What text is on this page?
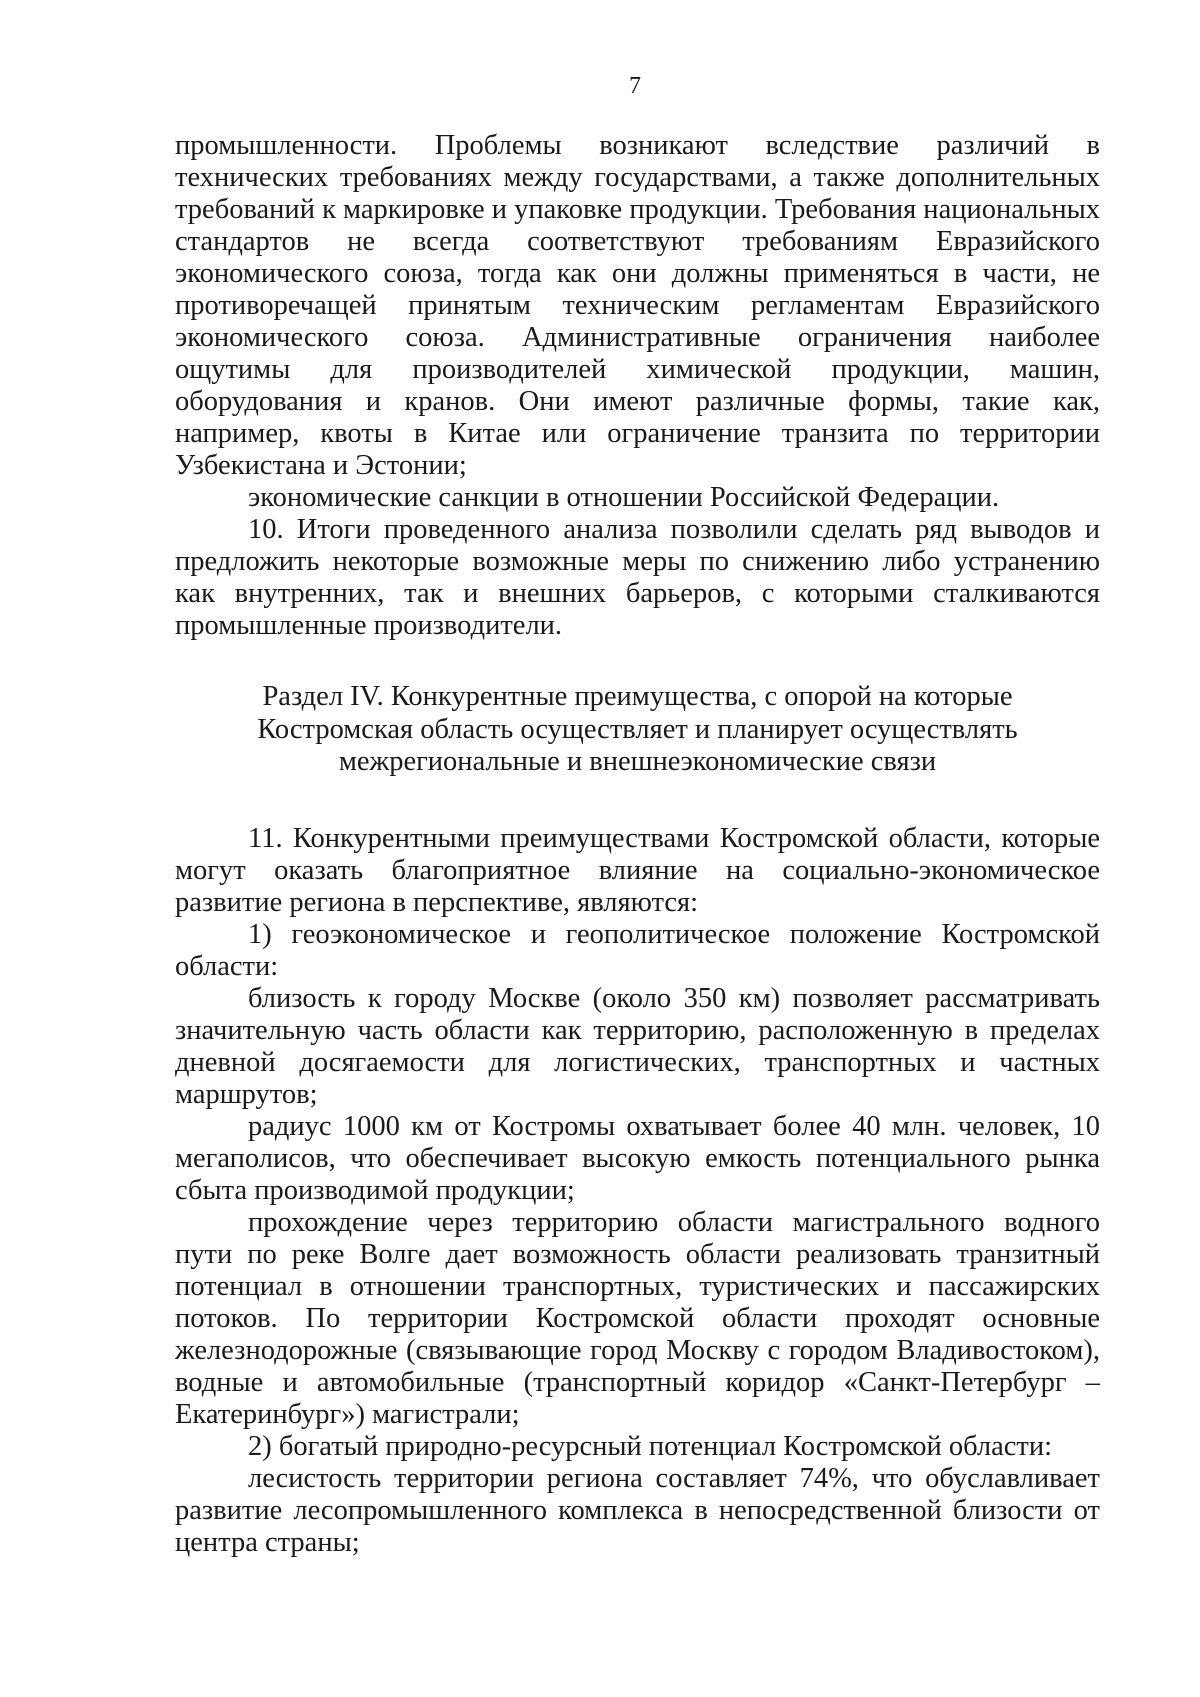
7

промышленности. Проблемы возникают вследствие различий в технических требованиях между государствами, а также дополнительных требований к маркировке и упаковке продукции. Требования национальных стандартов не всегда соответствуют требованиям Евразийского экономического союза, тогда как они должны применяться в части, не противоречащей принятым техническим регламентам Евразийского экономического союза. Административные ограничения наиболее ощутимы для производителей химической продукции, машин, оборудования и кранов. Они имеют различные формы, такие как, например, квоты в Китае или ограничение транзита по территории Узбекистана и Эстонии;

экономические санкции в отношении Российской Федерации.

10. Итоги проведенного анализа позволили сделать ряд выводов и предложить некоторые возможные меры по снижению либо устранению как внутренних, так и внешних барьеров, с которыми сталкиваются промышленные производители.

Раздел IV. Конкурентные преимущества, с опорой на которые
Костромская область осуществляет и планирует осуществлять
межрегиональные и внешнеэкономические связи

11. Конкурентными преимуществами Костромской области, которые могут оказать благоприятное влияние на социально-экономическое развитие региона в перспективе, являются:

1) геоэкономическое и геополитическое положение Костромской области:

близость к городу Москве (около 350 км) позволяет рассматривать значительную часть области как территорию, расположенную в пределах дневной досягаемости для логистических, транспортных и частных маршрутов;

радиус 1000 км от Костромы охватывает более 40 млн. человек, 10 мегаполисов, что обеспечивает высокую емкость потенциального рынка сбыта производимой продукции;

прохождение через территорию области магистрального водного пути по реке Волге дает возможность области реализовать транзитный потенциал в отношении транспортных, туристических и пассажирских потоков. По территории Костромской области проходят основные железнодорожные (связывающие город Москву с городом Владивостоком), водные и автомобильные (транспортный коридор «Санкт-Петербург – Екатеринбург») магистрали;

2) богатый природно-ресурсный потенциал Костромской области:

лесистость территории региона составляет 74%, что обуславливает развитие лесопромышленного комплекса в непосредственной близости от центра страны;
